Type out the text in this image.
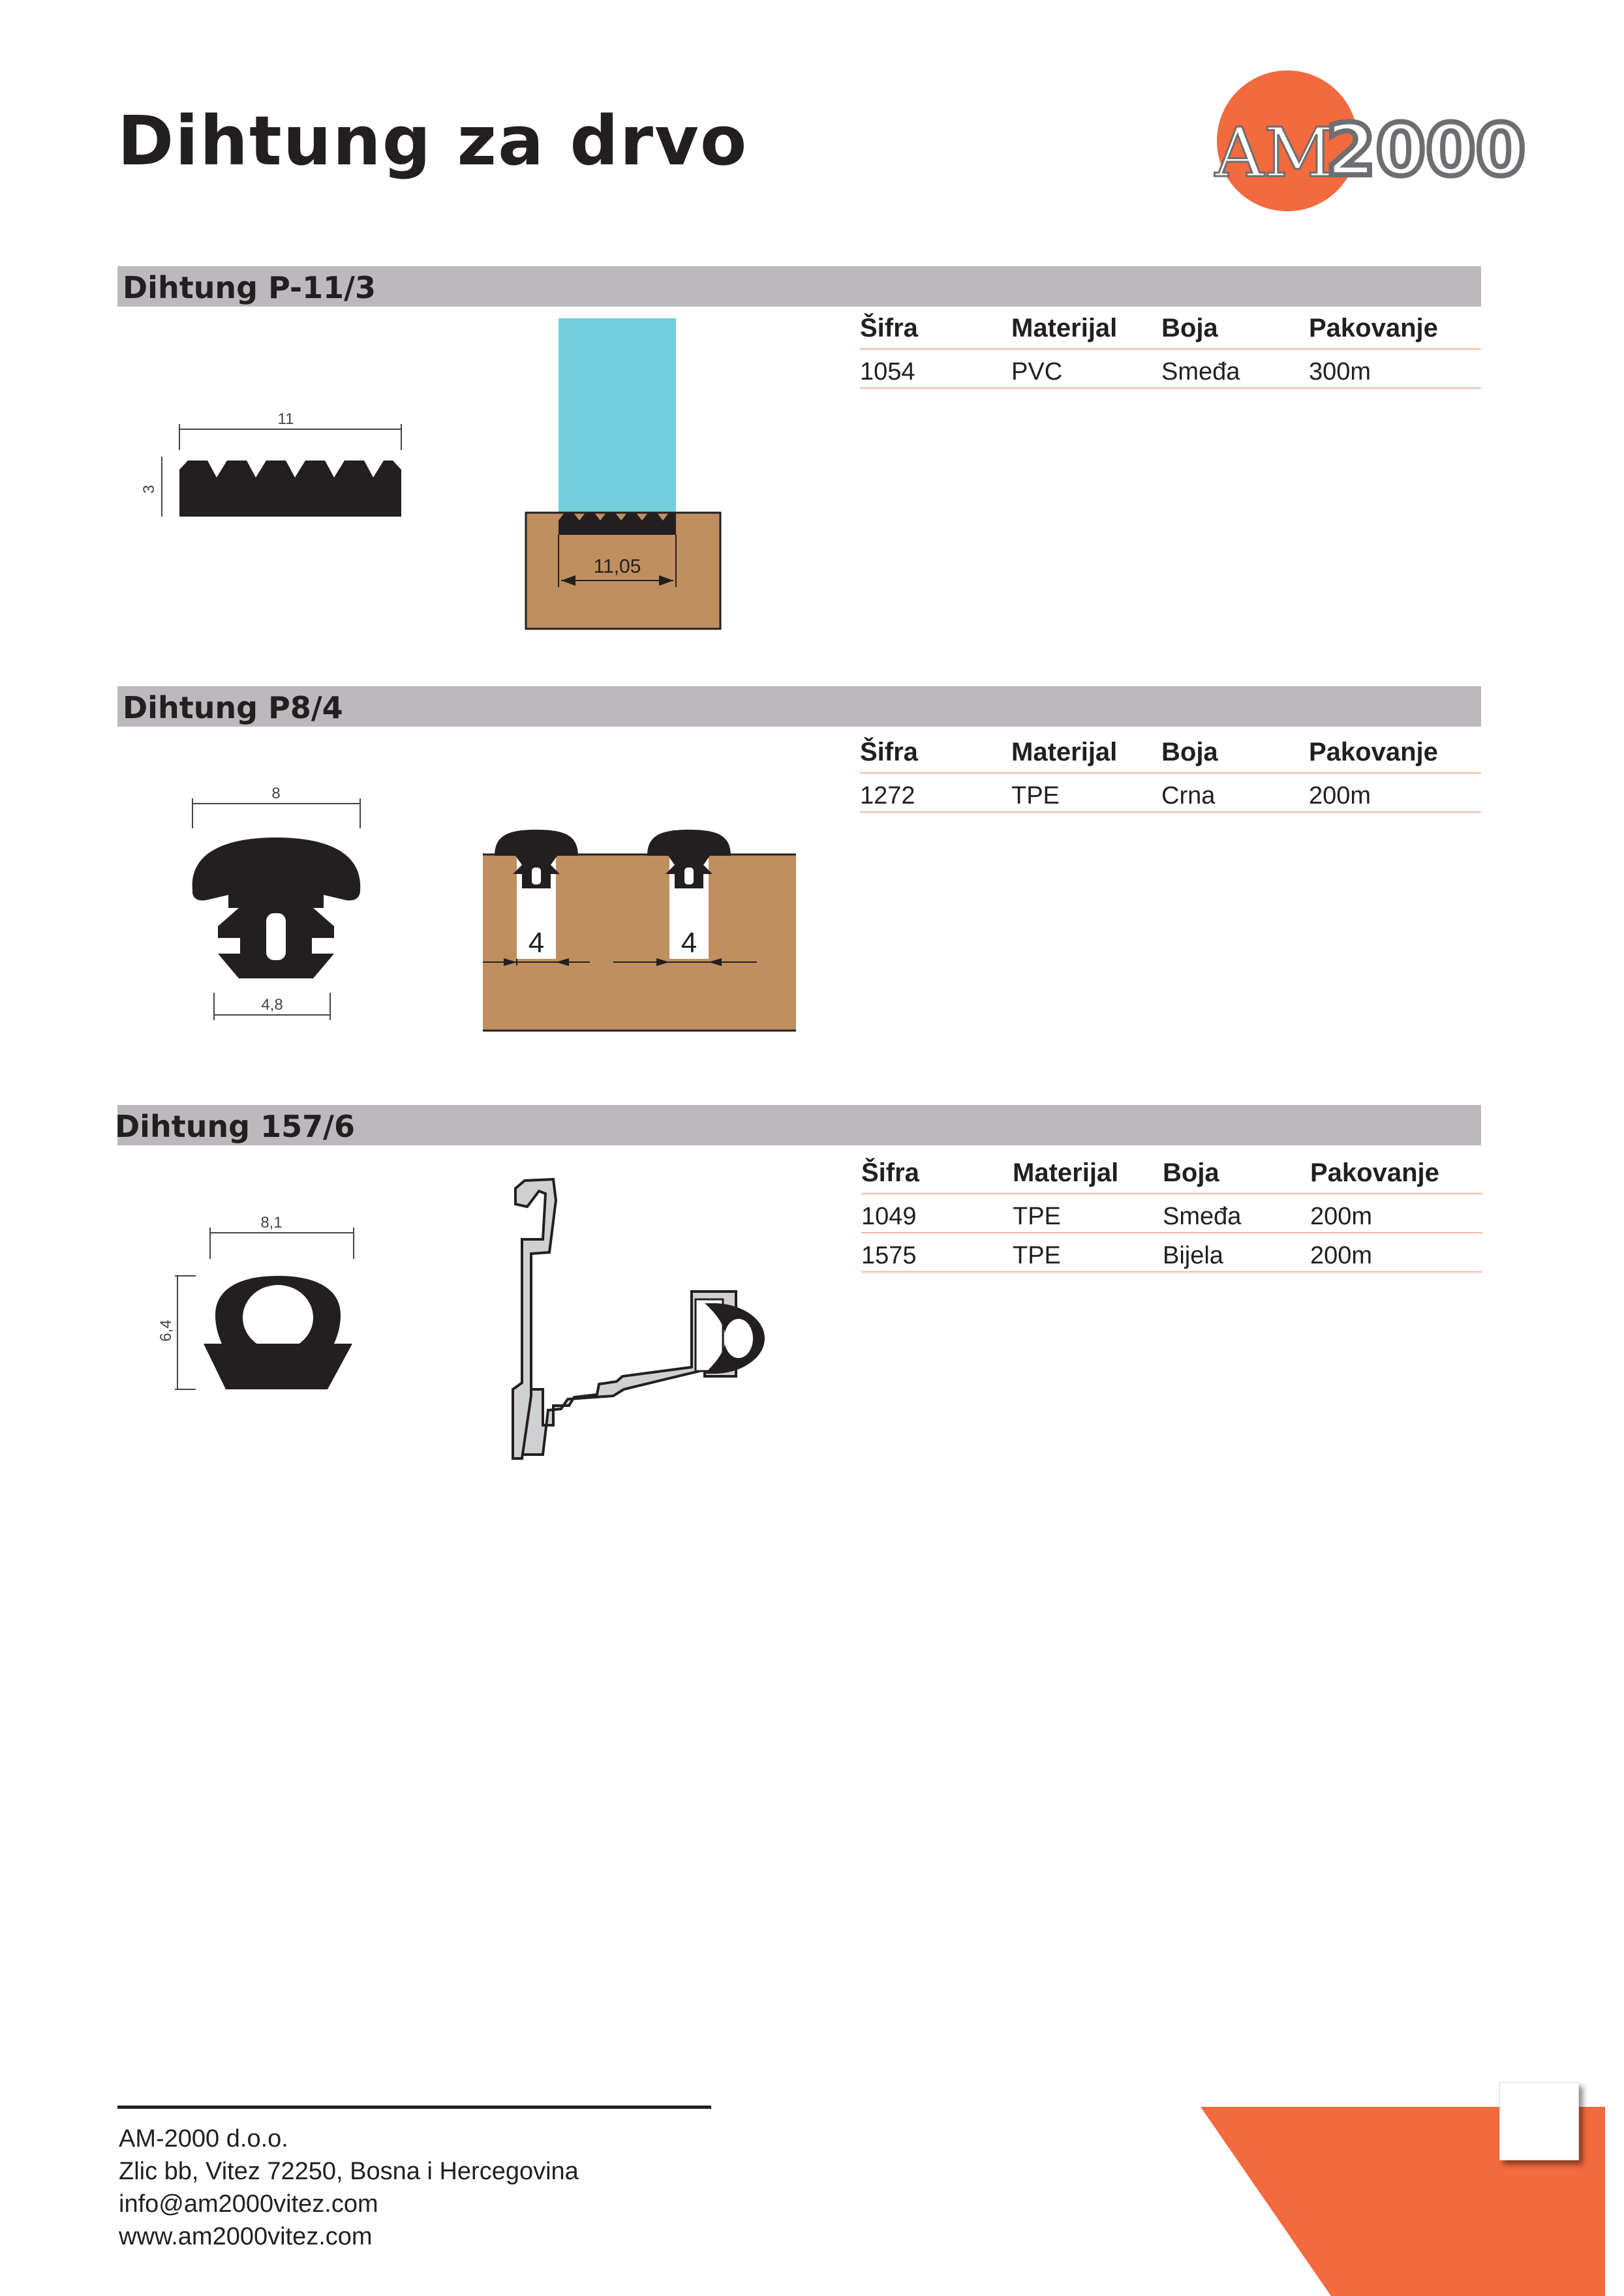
Dihtung za drvo	AM
2000
Dihtung P-11/3
Šifra	Materijal Boja	Pakovanje
1054	PVC	Smeđa	300m
11
3
11,05
Dihtung P8/4
Šifra	Materijal Boja	Pakovanje
1272	TPE	Crna	200m
8
4,8
4	4
Dihtung 157/6
Šifra	Materijal Boja	Pakovanje
1049	TPE	Smeđa	200m
1575	TPE	Bijela	200m
8,1
6,4
AM-2000 d.o.o.
Zlic bb, Vitez 72250, Bosna i Hercegovina
info@am2000vitez.com
www.am2000vitez.com
